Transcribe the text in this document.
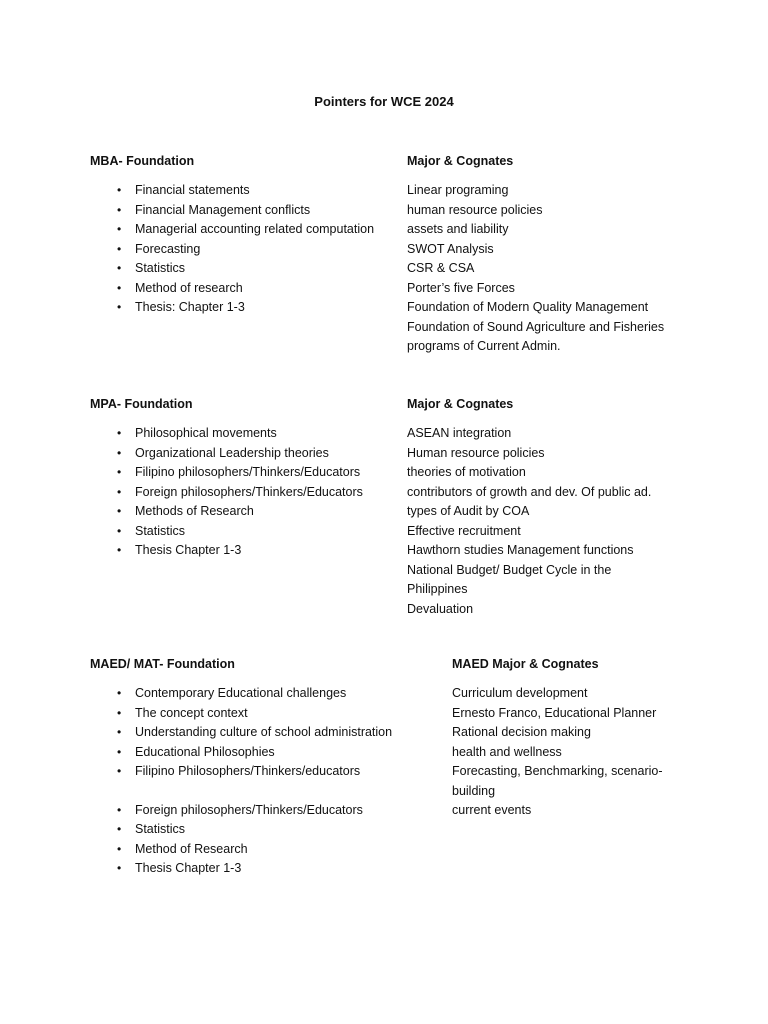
Pointers for WCE 2024
MBA- Foundation
• Financial statements
• Financial Management conflicts
• Managerial accounting related computation
• Forecasting
• Statistics
• Method of research
• Thesis: Chapter 1-3
Major & Cognates
Linear programing
human resource policies
assets and liability
SWOT Analysis
CSR & CSA
Porter’s five Forces
Foundation of Modern Quality Management
Foundation of Sound Agriculture and Fisheries
programs of Current Admin.
MPA- Foundation
• Philosophical movements
• Organizational Leadership theories
• Filipino philosophers/Thinkers/Educators
• Foreign philosophers/Thinkers/Educators
• Methods of Research
• Statistics
• Thesis Chapter 1-3
Major & Cognates
ASEAN integration
Human resource policies
theories of motivation
contributors of growth and dev. Of public ad.
types of Audit by COA
Effective recruitment
Hawthorn studies Management functions
National Budget/ Budget Cycle in the
Philippines
Devaluation
MAED/ MAT- Foundation
• Contemporary Educational challenges
• The concept context
• Understanding culture of school administration
• Educational Philosophies
• Filipino Philosophers/Thinkers/educators
• Foreign philosophers/Thinkers/Educators
• Statistics
• Method of Research
• Thesis Chapter 1-3
MAED Major & Cognates
Curriculum development
Ernesto Franco, Educational Planner
Rational decision making
health and wellness
Forecasting, Benchmarking, scenario-
building
current events
